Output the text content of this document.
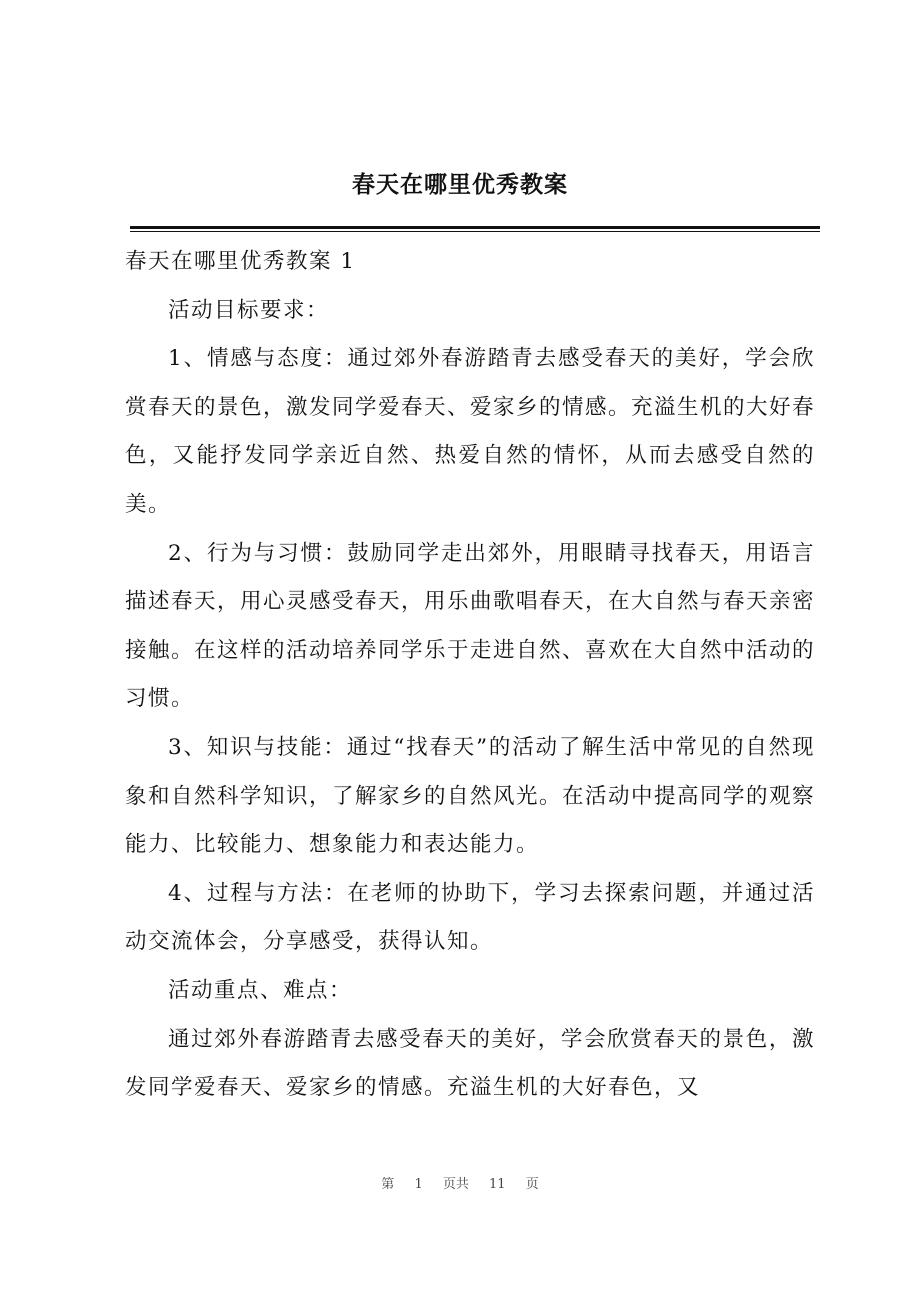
春天在哪里优秀教案

春天在哪里优秀教案 1

活动目标要求：

1、情感与态度：通过郊外春游踏青去感受春天的美好，学会欣赏春天的景色，激发同学爱春天、爱家乡的情感。充溢生机的大好春色，又能抒发同学亲近自然、热爱自然的情怀，从而去感受自然的美。

2、行为与习惯：鼓励同学走出郊外，用眼睛寻找春天，用语言描述春天，用心灵感受春天，用乐曲歌唱春天，在大自然与春天亲密接触。在这样的活动培养同学乐于走进自然、喜欢在大自然中活动的习惯。

3、知识与技能：通过“找春天”的活动了解生活中常见的自然现象和自然科学知识，了解家乡的自然风光。在活动中提高同学的观察能力、比较能力、想象能力和表达能力。

4、过程与方法：在老师的协助下，学习去探索问题，并通过活动交流体会，分享感受，获得认知。

活动重点、难点：

通过郊外春游踏青去感受春天的美好，学会欣赏春天的景色，激发同学爱春天、爱家乡的情感。充溢生机的大好春色，又

第 1 页共 11 页
